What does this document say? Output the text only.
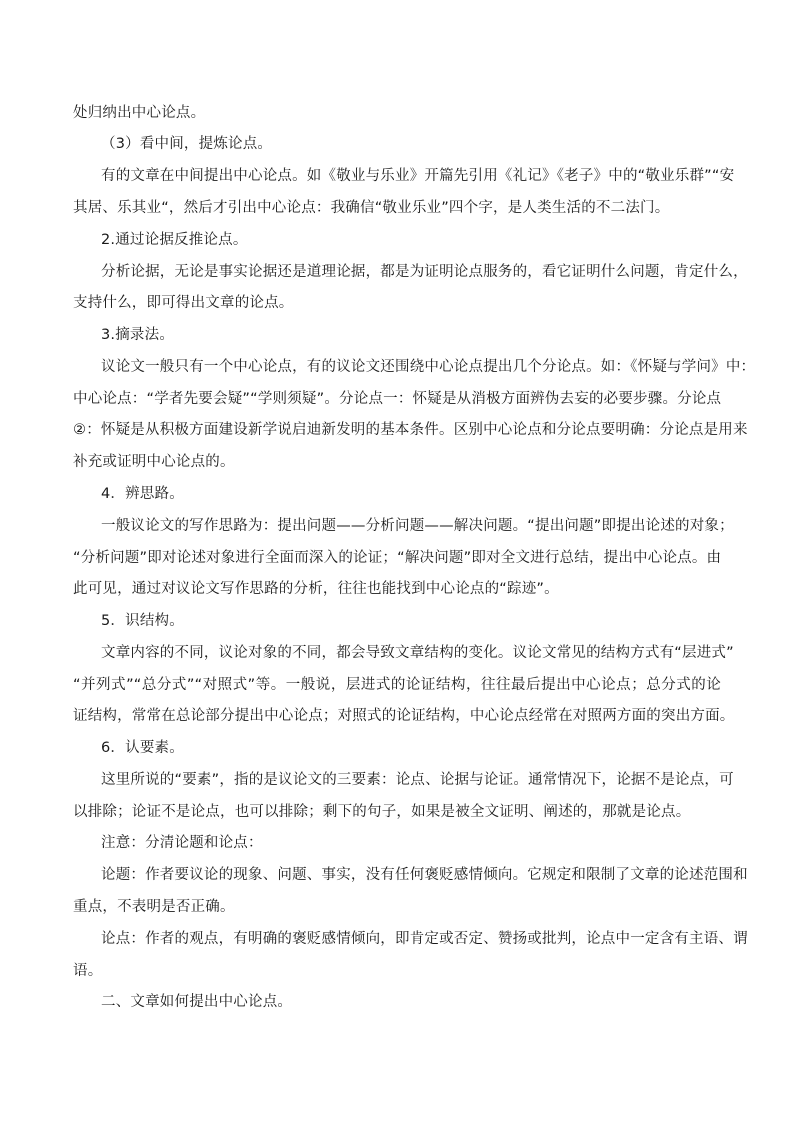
处归纳出中心论点。
（3）看中间，提炼论点。
有的文章在中间提出中心论点。如《敬业与乐业》开篇先引用《礼记》《老子》中的“敬业乐群”“安
其居、乐其业“，然后才引出中心论点：我确信“敬业乐业”四个字，是人类生活的不二法门。
2.通过论据反推论点。
分析论据，无论是事实论据还是道理论据，都是为证明论点服务的，看它证明什么问题，肯定什么，
支持什么，即可得出文章的论点。
3.摘录法。
议论文一般只有一个中心论点，有的议论文还围绕中心论点提出几个分论点。如：《怀疑与学问》中：
中心论点：“学者先要会疑”“学则须疑”。分论点一：怀疑是从消极方面辨伪去妄的必要步骤。分论点
②：怀疑是从积极方面建设新学说启迪新发明的基本条件。区别中心论点和分论点要明确：分论点是用来
补充或证明中心论点的。
4．辨思路。
一般议论文的写作思路为：提出问题——分析问题——解决问题。“提出问题”即提出论述的对象；
“分析问题”即对论述对象进行全面而深入的论证；“解决问题”即对全文进行总结，提出中心论点。由
此可见，通过对议论文写作思路的分析，往往也能找到中心论点的“踪迹”。
5．识结构。
文章内容的不同，议论对象的不同，都会导致文章结构的变化。议论文常见的结构方式有“层进式”
“并列式”“总分式”“对照式”等。一般说，层进式的论证结构，往往最后提出中心论点；总分式的论
证结构，常常在总论部分提出中心论点；对照式的论证结构，中心论点经常在对照两方面的突出方面。
6．认要素。
这里所说的“要素”，指的是议论文的三要素：论点、论据与论证。通常情况下，论据不是论点，可
以排除；论证不是论点，也可以排除；剩下的句子，如果是被全文证明、阐述的，那就是论点。
注意：分清论题和论点：
论题：作者要议论的现象、问题、事实，没有任何褒贬感情倾向。它规定和限制了文章的论述范围和
重点，不表明是否正确。
论点：作者的观点，有明确的褒贬感情倾向，即肯定或否定、赞扬或批判，论点中一定含有主语、谓
语。
二、文章如何提出中心论点。
